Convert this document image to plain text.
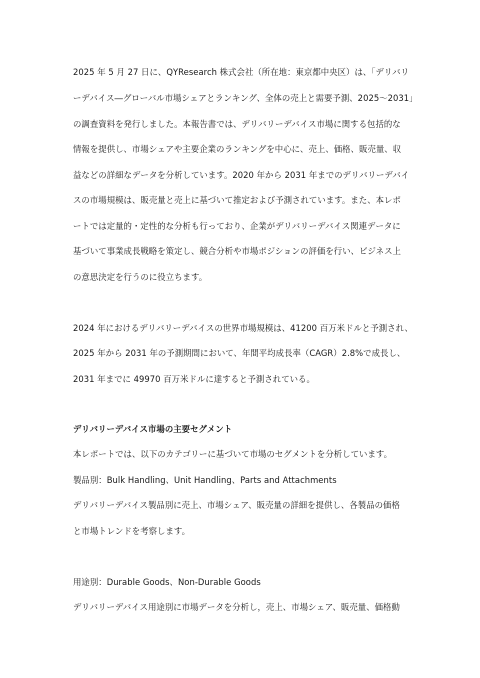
2025 年 5 月 27 日に、QYResearch 株式会社（所在地：東京都中央区）は、「デリバリ
ーデバイス―グローバル市場シェアとランキング、全体の売上と需要予測、2025～2031」
の調査資料を発行しました。本報告書では、デリバリーデバイス市場に関する包括的な
情報を提供し、市場シェアや主要企業のランキングを中心に、売上、価格、販売量、収
益などの詳細なデータを分析しています。2020 年から 2031 年までのデリバリーデバイ
スの市場規模は、販売量と売上に基づいて推定および予測されています。また、本レポ
ートでは定量的・定性的な分析も行っており、企業がデリバリーデバイス関連データに
基づいて事業成長戦略を策定し、競合分析や市場ポジションの評価を行い、ビジネス上
の意思決定を行うのに役立ちます。
2024 年におけるデリバリーデバイスの世界市場規模は、41200 百万米ドルと予測され、
2025 年から 2031 年の予測期間において、年間平均成長率（CAGR）2.8%で成長し、
2031 年までに 49970 百万米ドルに達すると予測されている。
デリバリーデバイス市場の主要セグメント
本レポートでは、以下のカテゴリーに基づいて市場のセグメントを分析しています。
製品別：Bulk Handling、Unit Handling、Parts and Attachments
デリバリーデバイス製品別に売上、市場シェア、販売量の詳細を提供し、各製品の価格
と市場トレンドを考察します。
用途別：Durable Goods、Non-Durable Goods
デリバリーデバイス用途別に市場データを分析し，売上、市場シェア、販売量、価格動
